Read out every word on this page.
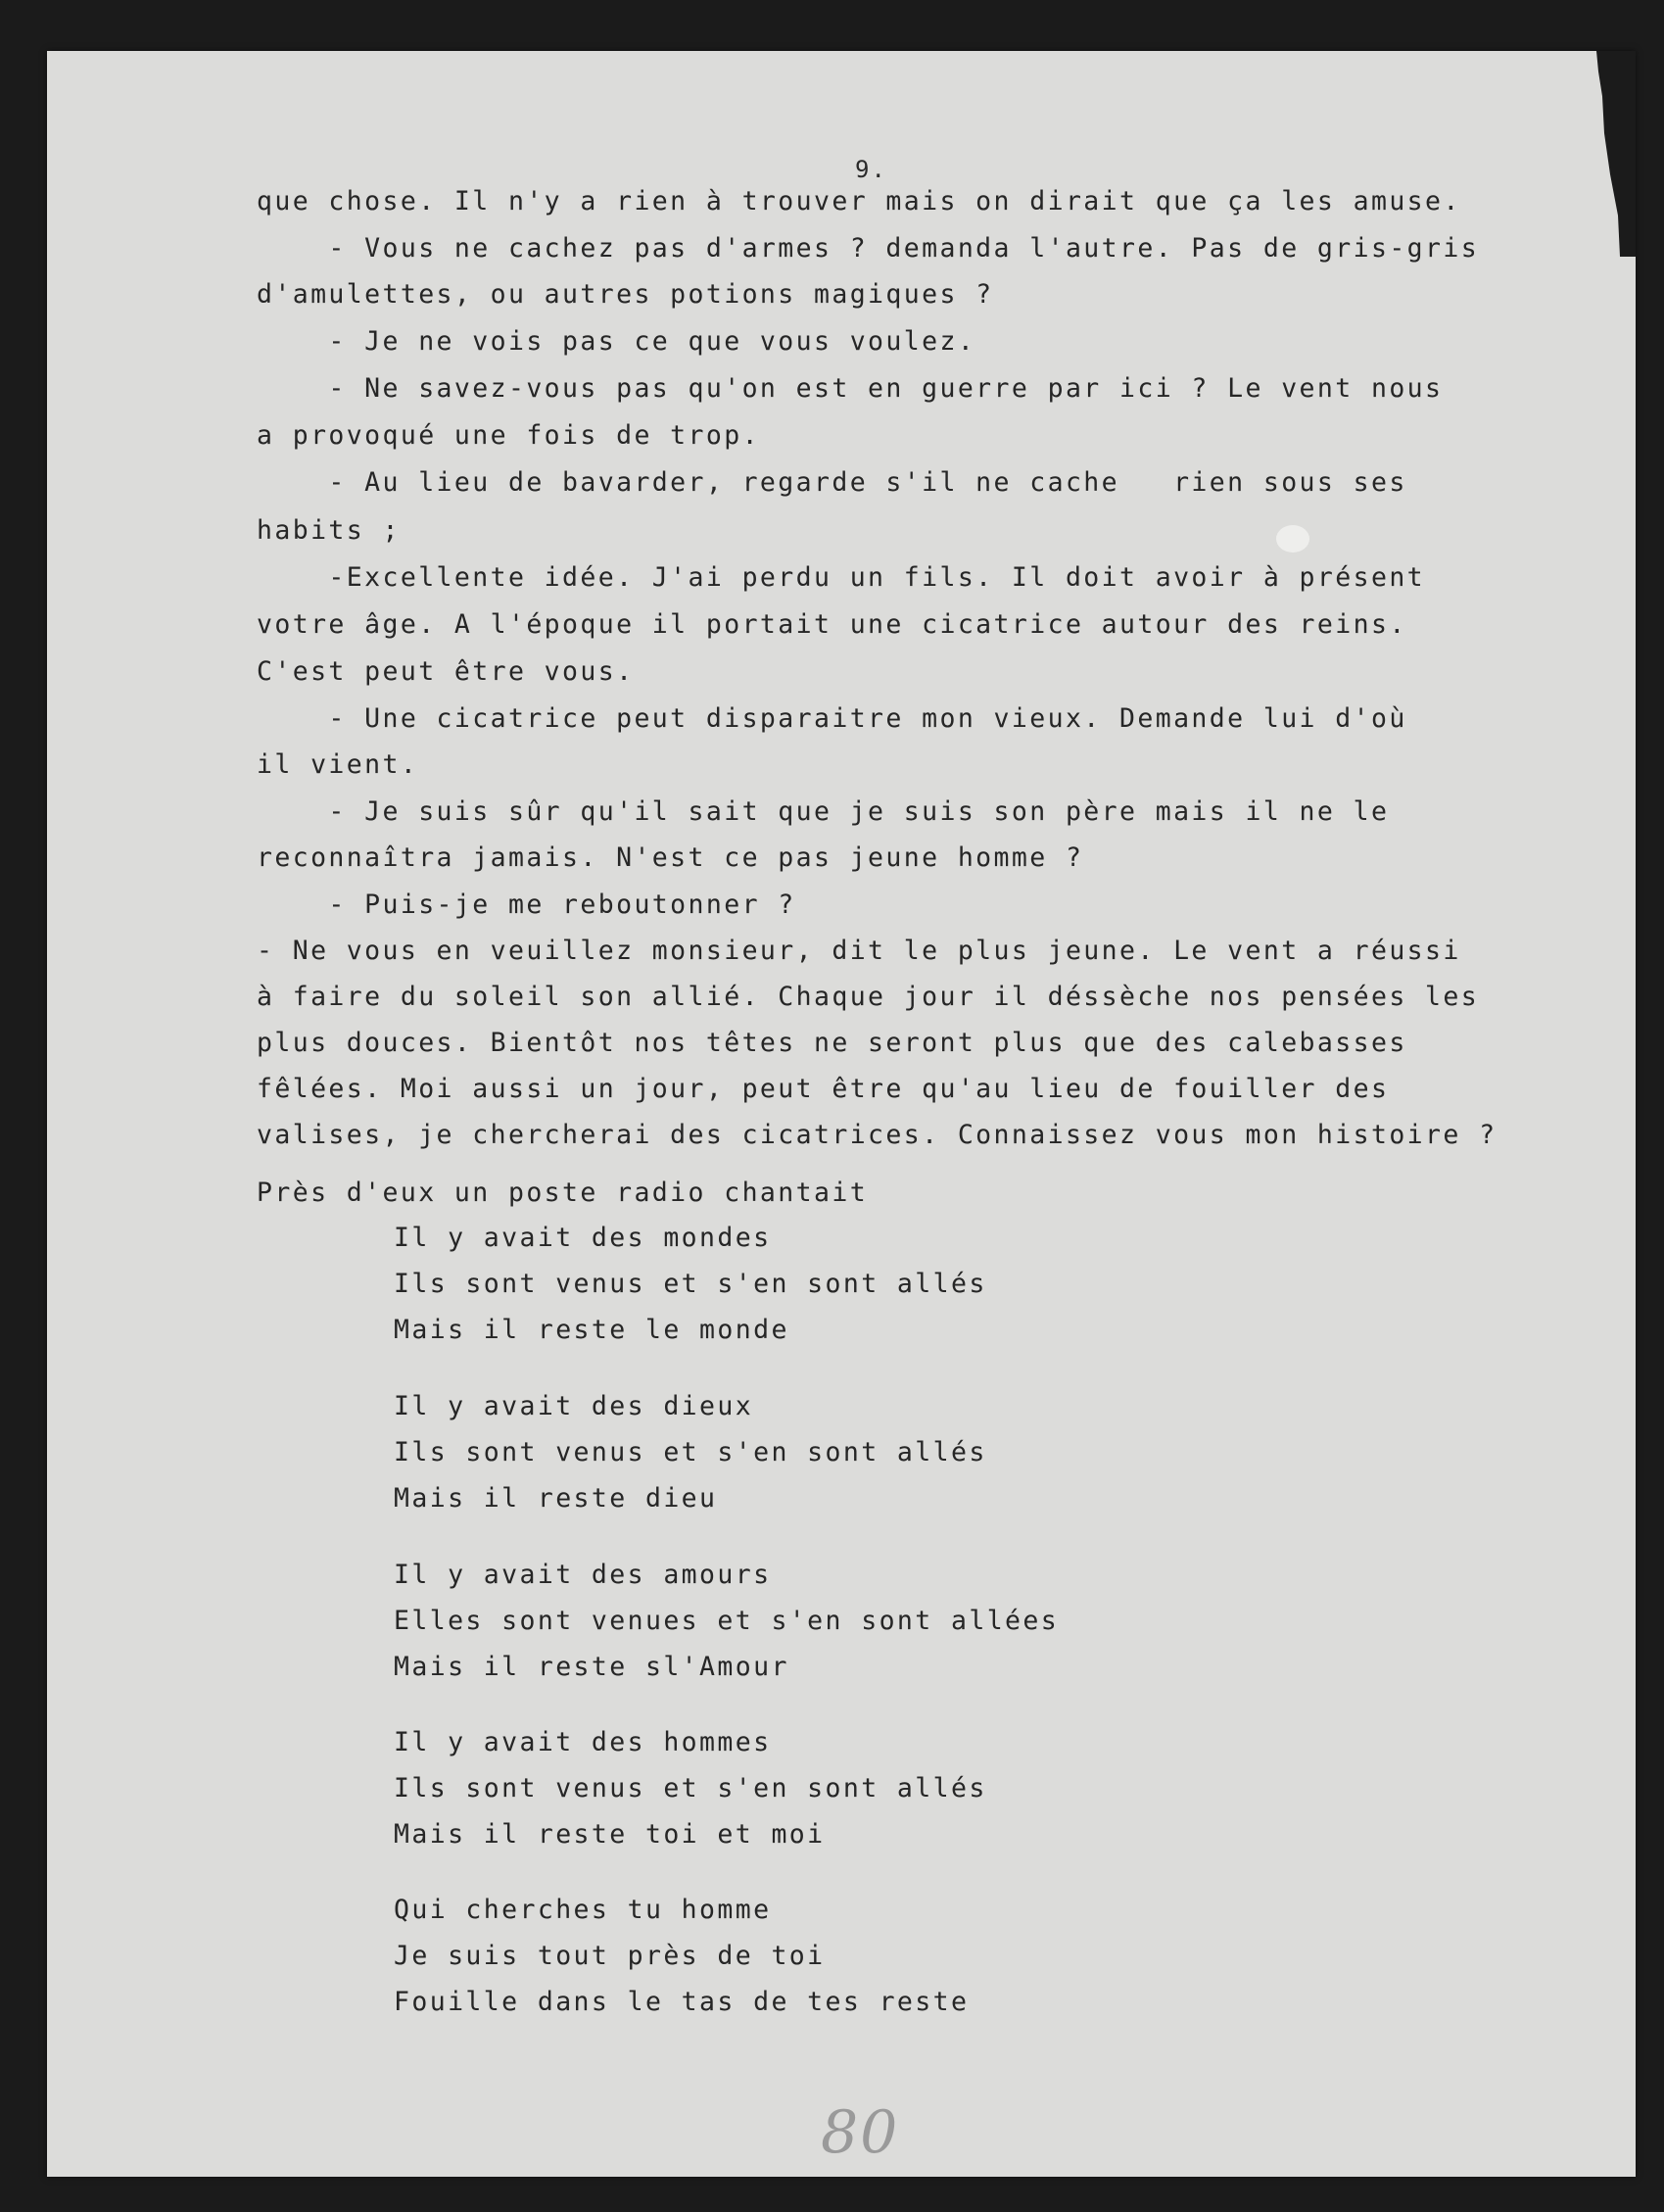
9.
que chose. Il n'y a rien à trouver mais on dirait que ça les amuse.
- Vous ne cachez pas d'armes ? demanda l'autre. Pas de gris-gris
d'amulettes, ou autres potions magiques ?
- Je ne vois pas ce que vous voulez.
- Ne savez-vous pas qu'on est en guerre par ici ? Le vent nous
a provoqué une fois de trop.
- Au lieu de bavarder, regarde s'il ne cache   rien sous ses
habits ;
-Excellente idée. J'ai perdu un fils. Il doit avoir à présent
votre âge. A l'époque il portait une cicatrice autour des reins.
C'est peut être vous.
- Une cicatrice peut disparaitre mon vieux. Demande lui d'où
il vient.
- Je suis sûr qu'il sait que je suis son père mais il ne le
reconnaîtra jamais. N'est ce pas jeune homme ?
- Puis-je me reboutonner ?
- Ne vous en veuillez monsieur, dit le plus jeune. Le vent a réussi
à faire du soleil son allié. Chaque jour il déssèche nos pensées les
plus douces. Bientôt nos têtes ne seront plus que des calebasses
fêlées. Moi aussi un jour, peut être qu'au lieu de fouiller des
valises, je chercherai des cicatrices. Connaissez vous mon histoire ?
Près d'eux un poste radio chantait
Il y avait des mondes
Ils sont venus et s'en sont allés
Mais il reste le monde
Il y avait des dieux
Ils sont venus et s'en sont allés
Mais il reste dieu
Il y avait des amours
Elles sont venues et s'en sont allées
Mais il reste sl'Amour
Il y avait des hommes
Ils sont venus et s'en sont allés
Mais il reste toi et moi
Qui cherches tu homme
Je suis tout près de toi
Fouille dans le tas de tes reste
80
